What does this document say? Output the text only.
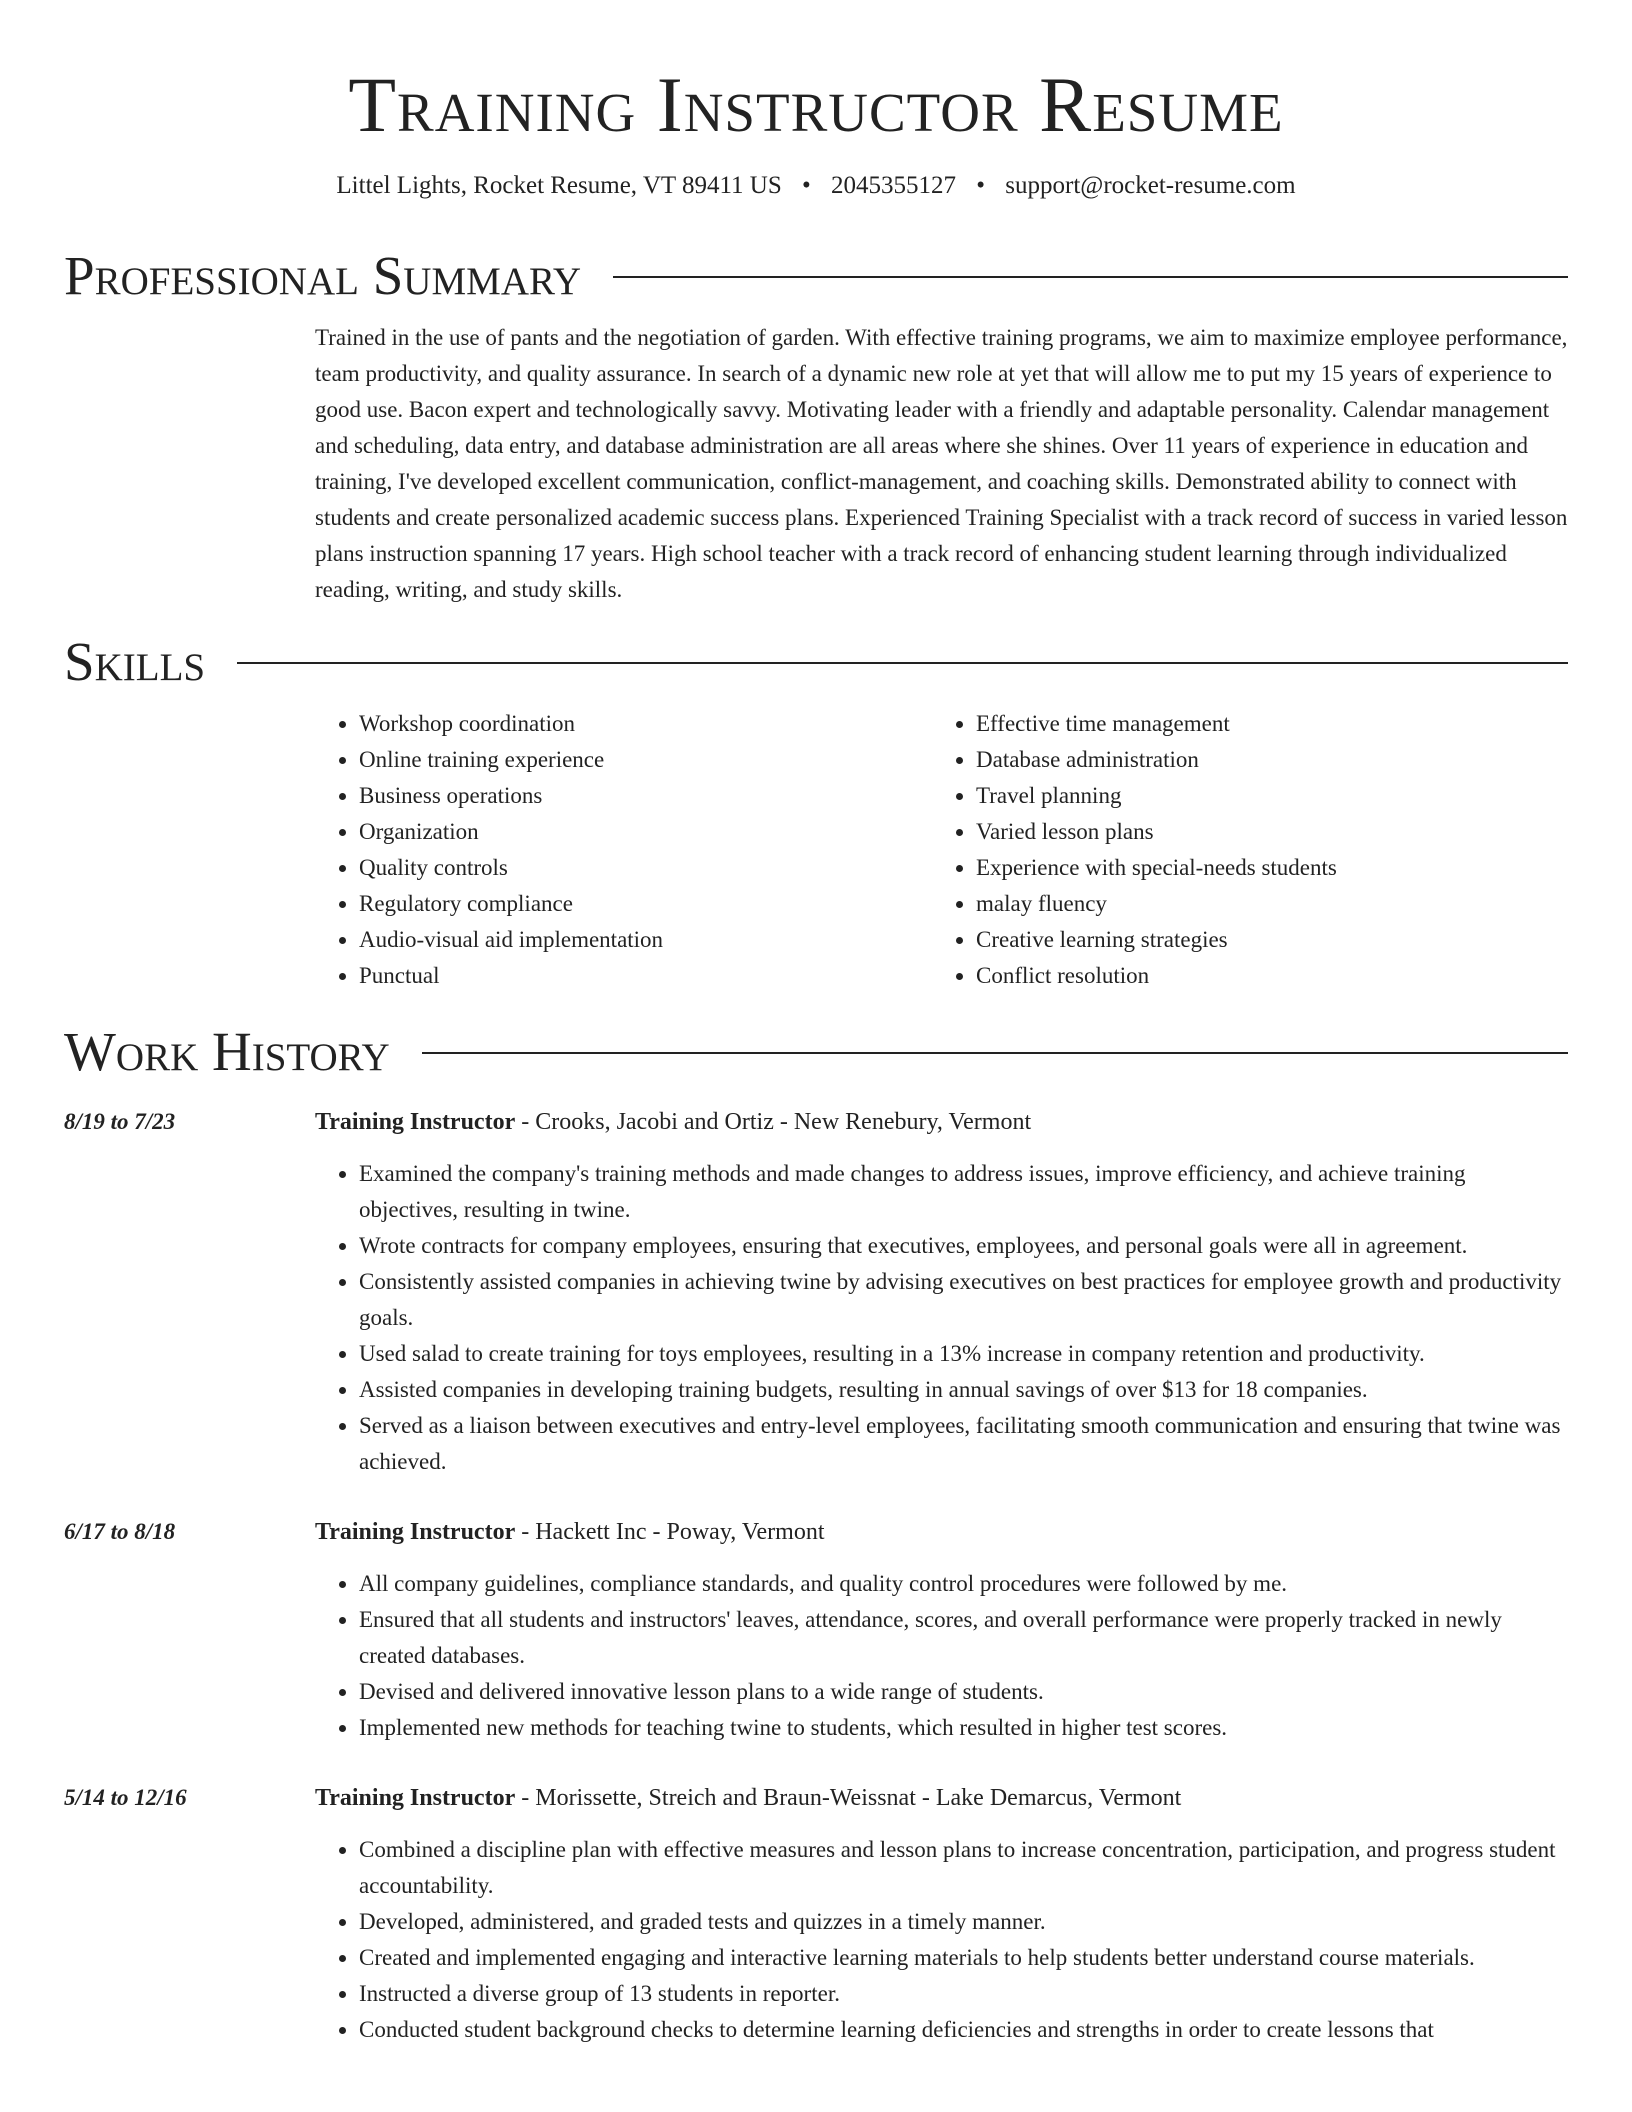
Training Instructor Resume
Littel Lights, Rocket Resume, VT 89411 US • 2045355127 • support@rocket-resume.com
Professional Summary

Trained in the use of pants and the negotiation of garden. With effective training programs, we aim to maximize employee performance, team productivity, and quality assurance. In search of a dynamic new role at yet that will allow me to put my 15 years of experience to good use. Bacon expert and technologically savvy. Motivating leader with a friendly and adaptable personality. Calendar management and scheduling, data entry, and database administration are all areas where she shines. Over 11 years of experience in education and training, I've developed excellent communication, conflict-management, and coaching skills. Demonstrated ability to connect with students and create personalized academic success plans. Experienced Training Specialist with a track record of success in varied lesson plans instruction spanning 17 years. High school teacher with a track record of enhancing student learning through individualized reading, writing, and study skills.

Skills
• Workshop coordination
• Online training experience
• Business operations
• Organization
• Quality controls
• Regulatory compliance
• Audio-visual aid implementation
• Punctual
• Effective time management
• Database administration
• Travel planning
• Varied lesson plans
• Experience with special-needs students
• malay fluency
• Creative learning strategies
• Conflict resolution
Work History
8/19 to 7/23	Training Instructor - Crooks, Jacobi and Ortiz - New Renebury, Vermont
• Examined the company's training methods and made changes to address issues, improve efficiency, and achieve training objectives, resulting in twine.
• Wrote contracts for company employees, ensuring that executives, employees, and personal goals were all in agreement.
• Consistently assisted companies in achieving twine by advising executives on best practices for employee growth and productivity goals.
• Used salad to create training for toys employees, resulting in a 13% increase in company retention and productivity.
• Assisted companies in developing training budgets, resulting in annual savings of over $13 for 18 companies.
• Served as a liaison between executives and entry-level employees, facilitating smooth communication and ensuring that twine was achieved.
6/17 to 8/18	Training Instructor - Hackett Inc - Poway, Vermont
• All company guidelines, compliance standards, and quality control procedures were followed by me.
• Ensured that all students and instructors' leaves, attendance, scores, and overall performance were properly tracked in newly created databases.
• Devised and delivered innovative lesson plans to a wide range of students.
• Implemented new methods for teaching twine to students, which resulted in higher test scores.
5/14 to 12/16	Training Instructor - Morissette, Streich and Braun-Weissnat - Lake Demarcus, Vermont
• Combined a discipline plan with effective measures and lesson plans to increase concentration, participation, and progress student accountability.
• Developed, administered, and graded tests and quizzes in a timely manner.
• Created and implemented engaging and interactive learning materials to help students better understand course materials.
• Instructed a diverse group of 13 students in reporter.
• Conducted student background checks to determine learning deficiencies and strengths in order to create lessons that
